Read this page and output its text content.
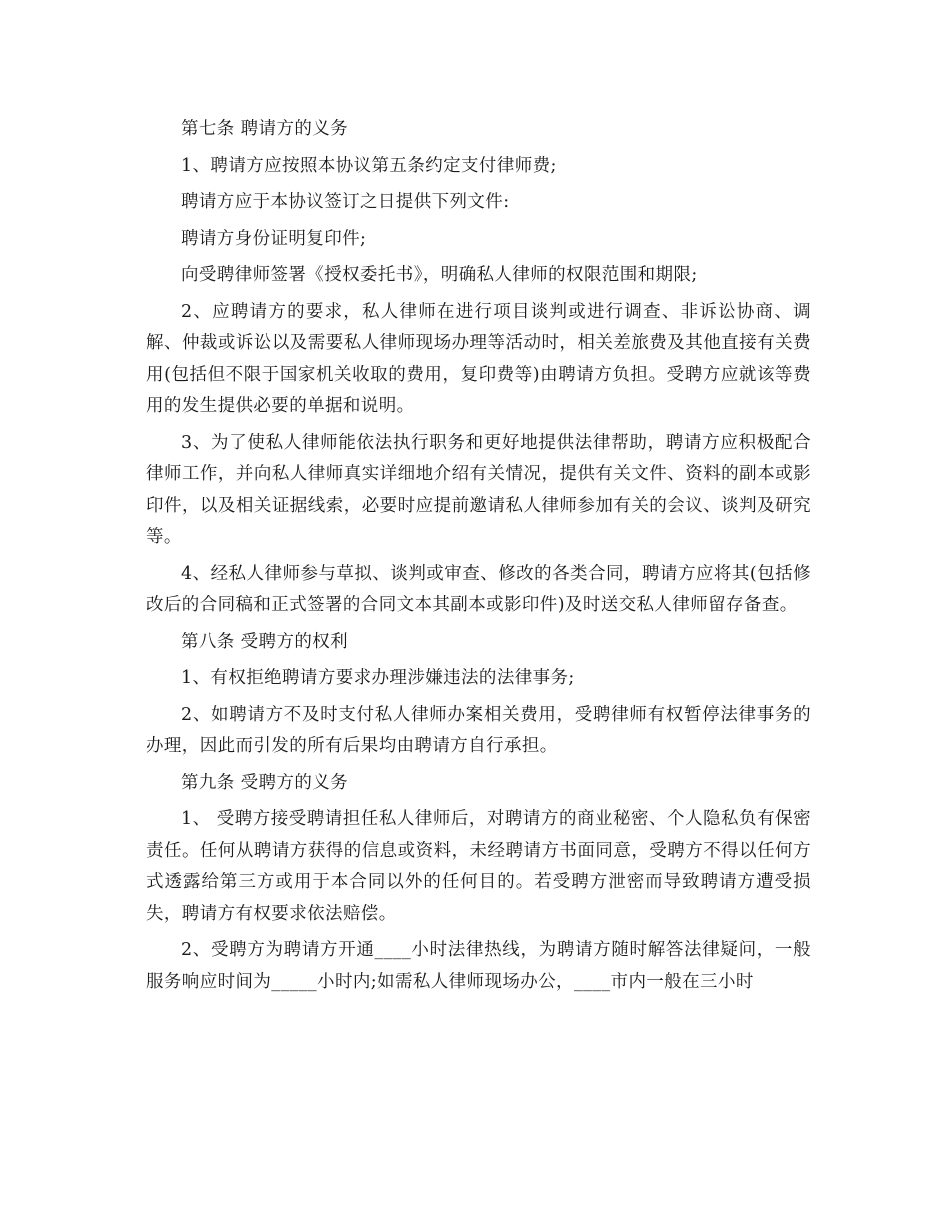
第七条 聘请方的义务

1、聘请方应按照本协议第五条约定支付律师费;

聘请方应于本协议签订之日提供下列文件:

聘请方身份证明复印件;

向受聘律师签署《授权委托书》，明确私人律师的权限范围和期限;

2、应聘请方的要求，私人律师在进行项目谈判或进行调查、非诉讼协商、调解、仲裁或诉讼以及需要私人律师现场办理等活动时，相关差旅费及其他直接有关费用(包括但不限于国家机关收取的费用，复印费等)由聘请方负担。受聘方应就该等费用的发生提供必要的单据和说明。

3、为了使私人律师能依法执行职务和更好地提供法律帮助，聘请方应积极配合律师工作，并向私人律师真实详细地介绍有关情况，提供有关文件、资料的副本或影印件，以及相关证据线索，必要时应提前邀请私人律师参加有关的会议、谈判及研究等。

4、经私人律师参与草拟、谈判或审查、修改的各类合同，聘请方应将其(包括修改后的合同稿和正式签署的合同文本其副本或影印件)及时送交私人律师留存备查。

第八条 受聘方的权利

1、有权拒绝聘请方要求办理涉嫌违法的法律事务;

2、如聘请方不及时支付私人律师办案相关费用，受聘律师有权暂停法律事务的办理，因此而引发的所有后果均由聘请方自行承担。

第九条 受聘方的义务

1、 受聘方接受聘请担任私人律师后，对聘请方的商业秘密、个人隐私负有保密责任。任何从聘请方获得的信息或资料，未经聘请方书面同意，受聘方不得以任何方式透露给第三方或用于本合同以外的任何目的。若受聘方泄密而导致聘请方遭受损失，聘请方有权要求依法赔偿。

2、受聘方为聘请方开通____小时法律热线，为聘请方随时解答法律疑问，一般服务响应时间为_____小时内;如需私人律师现场办公，____市内一般在三小时
